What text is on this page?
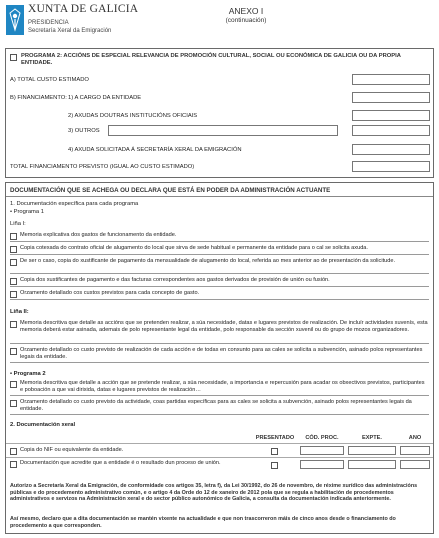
XUNTA DE GALICIA
PRESIDENCIA
Secretaría Xeral da Emigración
ANEXO I
(continuación)
PROGRAMA 2: ACCIÓNS DE ESPECIAL RELEVANCIA DE PROMOCIÓN CULTURAL, SOCIAL OU ECONÓMICA DE GALICIA OU DA PROPIA ENTIDADE.
A) TOTAL CUSTO ESTIMADO
B) FINANCIAMENTO: 1) A CARGO DA ENTIDADE
2) AXUDAS DOUTRAS INSTITUCIÓNS OFICIAIS
3) OUTROS
4) AXUDA SOLICITADA Á SECRETARÍA XERAL DA EMIGRACIÓN
TOTAL FINANCIAMENTO PREVISTO (IGUAL AO CUSTO ESTIMADO)
DOCUMENTACIÓN QUE SE ACHEGA OU DECLARA QUE ESTÁ EN PODER DA ADMINISTRACIÓN ACTUANTE
1. Documentación específica para cada programa
• Programa 1
Liña I:
Memoria explicativa dos gastos de funcionamento da entidade.
Copia cotexada do contrato oficial de alugamento do local que sirva de sede habitual e permanente da entidade para o cal se solicita axuda.
De ser o caso, copia do xustificante de pagamento da mensualidade de alugamento do local, referida ao mes anterior ao de presentación da solicitude.
Copia dos xustificantes de pagamento e das facturas correspondentes aos gastos derivados de provisión de unión ou fusión.
Orzamento detallado cos custos previstos para cada concepto de gasto.
Liña II:
Memoria descritiva que detalle as accións que se pretenden realizar, a súa necesidade, datas e lugares previstos de realización. De incluír actividades xuvenís, esta memoria deberá estar asinada, ademais de polo representante legal da entidade, polo responsable da sección xuvenil ou do grupo de mozos organizadores.
Orzamento detallado co custo previsto de realización de cada acción e de todas en conxunto para as cales se solicita a subvención, asinado polos representantes legais da entidade.
• Programa 2
Memoria descritiva que detalle a acción que se pretende realizar, a súa necesidade, a importancia e repercusión para acadar os obxectivos previstos, participantes e poboación a que vai dirixida, datas e lugares previstos de realización…
Orzamento detallado co custo previsto da actividade, coas partidas específicas para as cales se solicita a subvención, asinado polos representantes legais da entidade.
2. Documentación xeral
PRESENTADO	CÓD. PROC.	EXPTE.	ANO
Copia do NIF ou equivalente da entidade.
Documentación que acredite que a entidade é o resultado dun proceso de unión.
Autorizo a Secretaría Xeral da Emigración, de conformidade cos artigos 35, letra f), da Lei 30/1992, do 26 de novembro, de réxime xurídico das administracións públicas e do procedemento administrativo común, e o artigo 4 da Orde do 12 de xaneiro de 2012 pola que se regula a habilitación de procedementos administrativos e servizos na Administración xeral e do sector público autonómico de Galicia, a consulta da documentación indicada anteriormente.
Así mesmo, declaro que a dita documentación se mantén vixente na actualidade e que non trascorreron máis de cinco anos desde o financiamento do procedemento a que corresponden.
